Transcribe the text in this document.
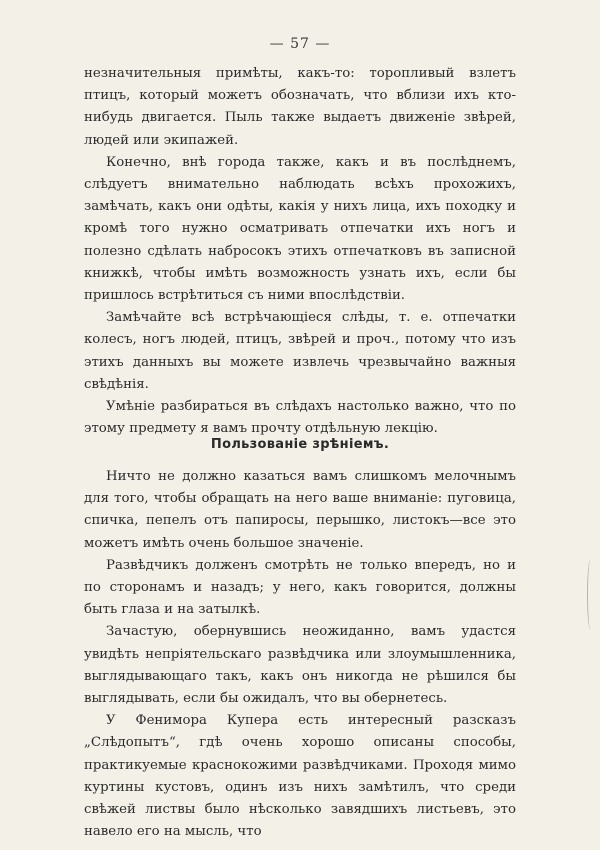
— 57 —

незначительныя примѣты, какъ-то: торопливый взлетъ птицъ, который можетъ обозначать, что вблизи ихъ кто-нибудь двигается. Пыль также выдаетъ движеніе звѣрей, людей или экипажей.

Конечно, внѣ города также, какъ и въ послѣднемъ, слѣдуетъ внимательно наблюдать всѣхъ прохожихъ, замѣчать, какъ они одѣты, какія у нихъ лица, ихъ походку и кромѣ того нужно осматривать отпечатки ихъ ногъ и полезно сдѣлать набросокъ этихъ отпечатковъ въ записной книжкѣ, чтобы имѣть возможность узнать ихъ, если бы пришлось встрѣтиться съ ними впослѣдствіи.

Замѣчайте всѣ встрѣчающіеся слѣды, т. е. отпечатки колесъ, ногъ людей, птицъ, звѣрей и проч., потому что изъ этихъ данныхъ вы можете извлечь чрезвычайно важныя свѣдѣнія.

Умѣніе разбираться въ слѣдахъ настолько важно, что по этому предмету я вамъ прочту отдѣльную лекцію.

Пользованіе зрѣніемъ.

Ничто не должно казаться вамъ слишкомъ мелочнымъ для того, чтобы обращать на него ваше вниманіе: пуговица, спичка, пепелъ отъ папиросы, перышко, листокъ—все это можетъ имѣть очень большое значеніе.

Развѣдчикъ долженъ смотрѣть не только впередъ, но и по сторонамъ и назадъ; у него, какъ говорится, должны быть глаза и на затылкѣ.

Зачастую, обернувшись неожиданно, вамъ удастся увидѣть непріятельскаго развѣдчика или злоумышленника, выглядывающаго такъ, какъ онъ никогда не рѣшился бы выглядывать, если бы ожидалъ, что вы обернетесь.

У Фенимора Купера есть интересный разсказъ „Слѣдопытъ“, гдѣ очень хорошо описаны способы, практикуемые краснокожими развѣдчиками. Проходя мимо куртины кустовъ, одинъ изъ нихъ замѣтилъ, что среди свѣжей листвы было нѣсколько завядшихъ листьевъ, это навело его на мысль, что
